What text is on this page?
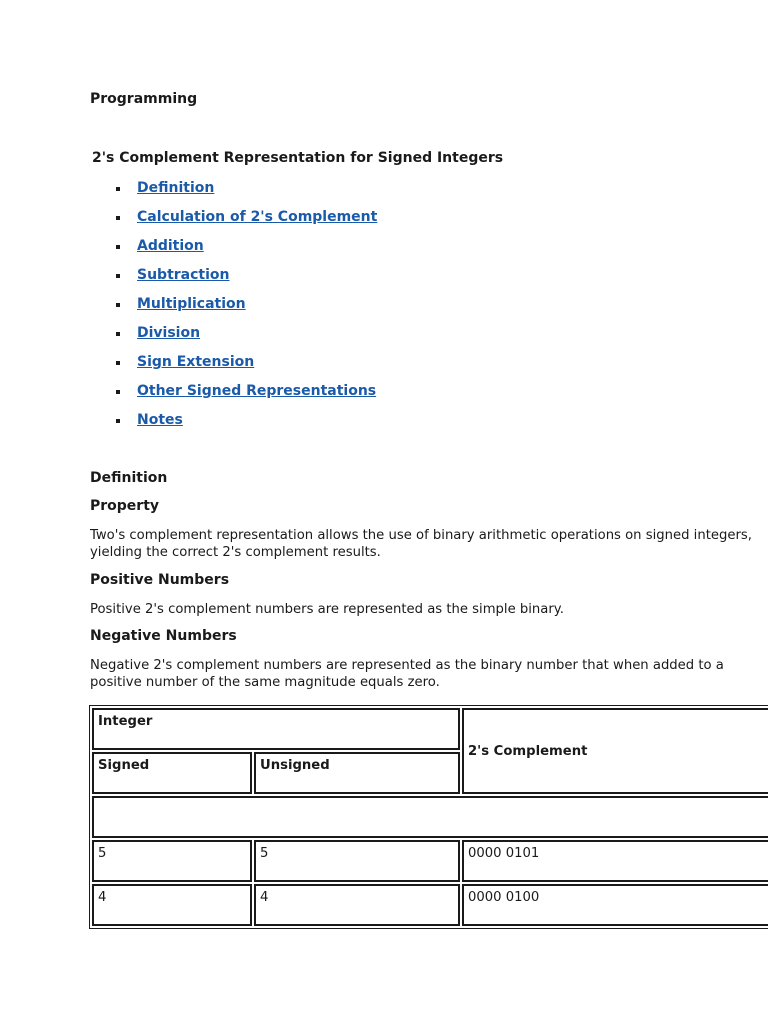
Programming
2's Complement Representation for Signed Integers
Definition
Calculation of 2's Complement
Addition
Subtraction
Multiplication
Division
Sign Extension
Other Signed Representations
Notes
Definition
Property
Two's complement representation allows the use of binary arithmetic operations on signed integers, yielding the correct 2's complement results.
Positive Numbers
Positive 2's complement numbers are represented as the simple binary.
Negative Numbers
Negative 2's complement numbers are represented as the binary number that when added to a positive number of the same magnitude equals zero.
Integer		2's Complement
Signed	Unsigned	

5	5	0000 0101
4	4	0000 0100
